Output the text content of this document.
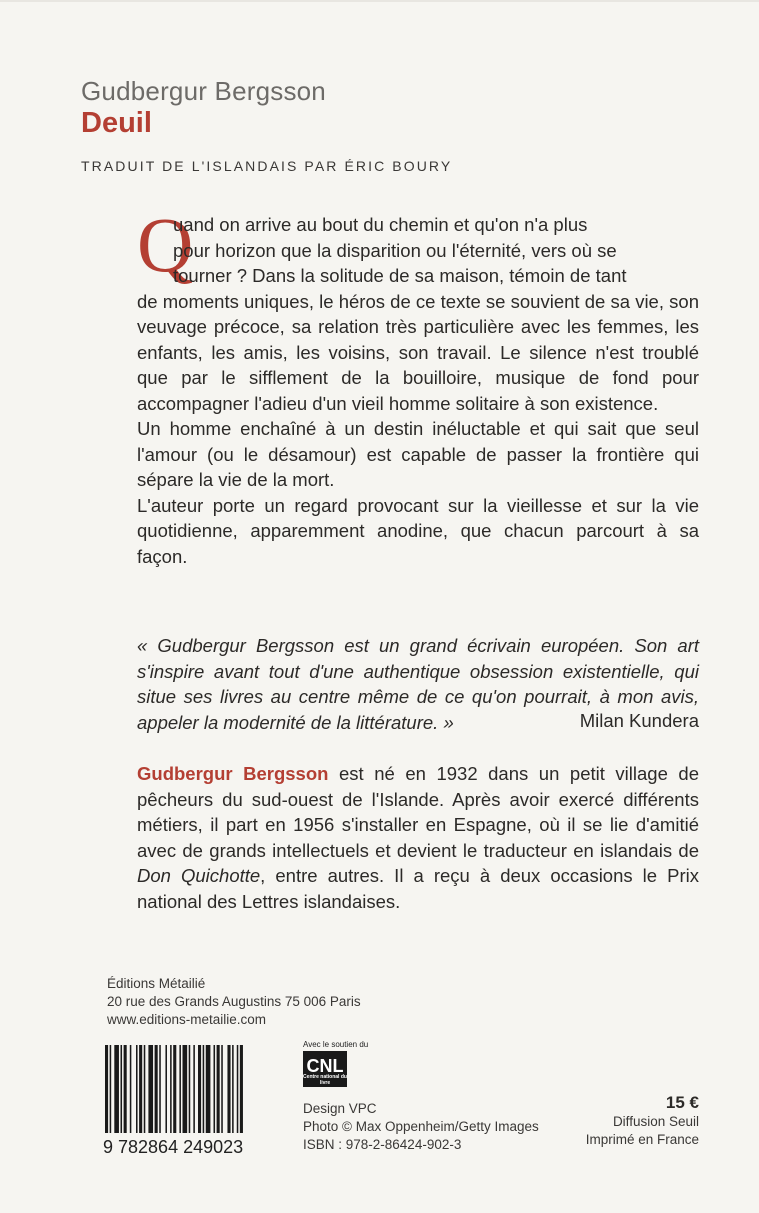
Gudbergur Bergsson
Deuil
TRADUIT DE L'ISLANDAIS PAR ÉRIC BOURY
Q
uand on arrive au bout du chemin et qu'on n'a plus
pour horizon que la disparition ou l'éternité, vers où se
tourner ? Dans la solitude de sa maison, témoin de tant
de moments uniques, le héros de ce texte se souvient de sa vie, son veuvage précoce, sa relation très particulière avec les femmes, les enfants, les amis, les voisins, son travail. Le silence n'est troublé que par le sifflement de la bouilloire, musique de fond pour accompagner l'adieu d'un vieil homme solitaire à son existence.
Un homme enchaîné à un destin inéluctable et qui sait que seul l'amour (ou le désamour) est capable de passer la frontière qui sépare la vie de la mort.
L'auteur porte un regard provocant sur la vieillesse et sur la vie quotidienne, apparemment anodine, que chacun parcourt à sa façon.
« Gudbergur Bergsson est un grand écrivain européen. Son art s'inspire avant tout d'une authentique obsession existentielle, qui situe ses livres au centre même de ce qu'on pourrait, à mon avis, appeler la modernité de la littérature. »	Milan Kundera
Gudbergur Bergsson est né en 1932 dans un petit village de pêcheurs du sud-ouest de l'Islande. Après avoir exercé différents métiers, il part en 1956 s'installer en Espagne, où il se lie d'amitié avec de grands intellectuels et devient le traducteur en islandais de Don Quichotte, entre autres. Il a reçu à deux occasions le Prix national des Lettres islandaises.
Éditions Métailié
20 rue des Grands Augustins 75 006 Paris
www.editions-metailie.com
9 782864 249023
Avec le soutien du
CNL
Centre national du livre
Design VPC
Photo © Max Oppenheim/Getty Images
ISBN : 978-2-86424-902-3
15 €
Diffusion Seuil
Imprimé en France
